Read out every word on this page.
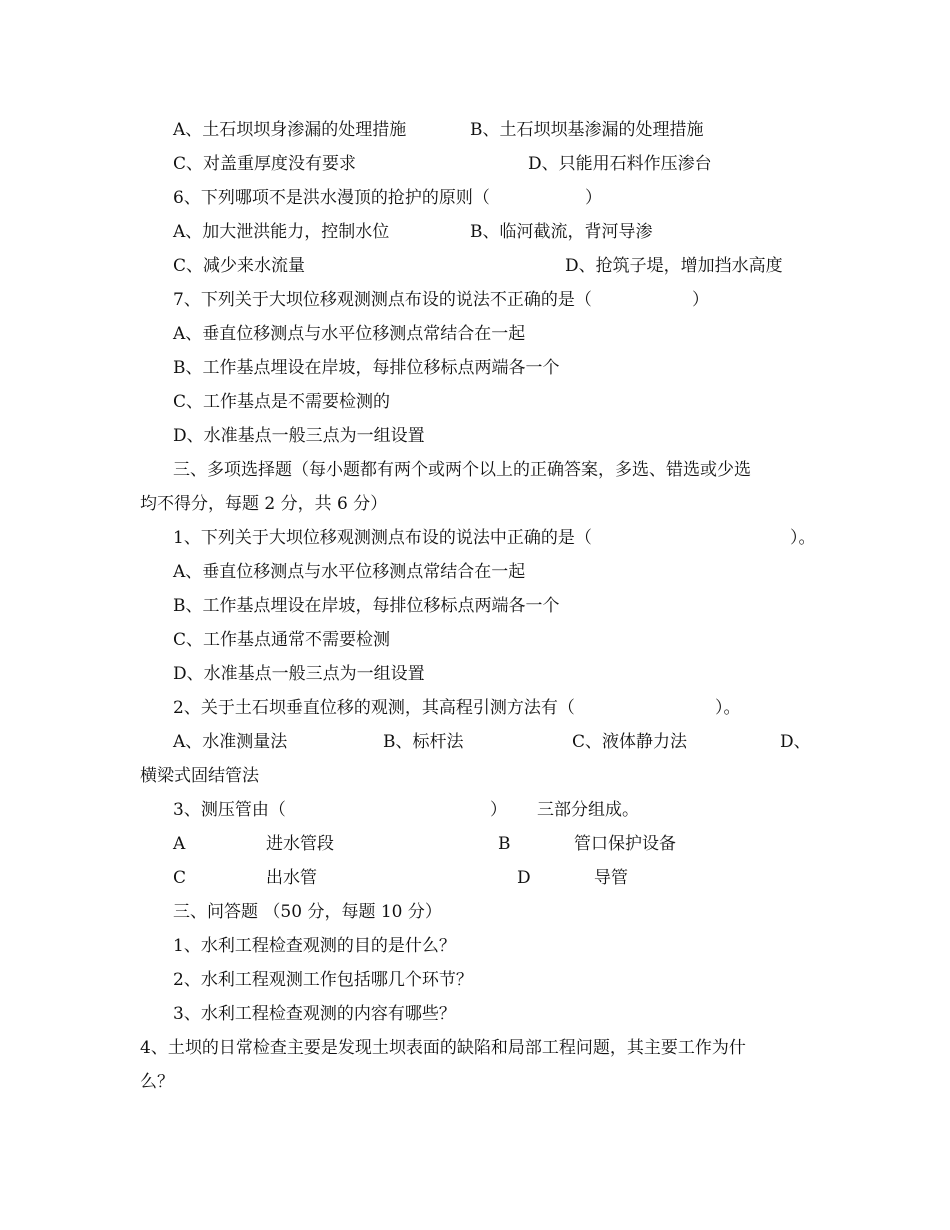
A、土石坝坝身渗漏的处理措施	B、土石坝坝基渗漏的处理措施
C、对盖重厚度没有要求	D、只能用石料作压渗台
6、下列哪项不是洪水漫顶的抢护的原则（	）
A、加大泄洪能力，控制水位	B、临河截流，背河导渗
C、减少来水流量	D、抢筑子堤，增加挡水高度
7、下列关于大坝位移观测测点布设的说法不正确的是（	）
A、垂直位移测点与水平位移测点常结合在一起
B、工作基点埋设在岸坡，每排位移标点两端各一个
C、工作基点是不需要检测的
D、水准基点一般三点为一组设置
三、多项选择题（每小题都有两个或两个以上的正确答案，多选、错选或少选
均不得分，每题 2 分，共 6 分）
1、下列关于大坝位移观测测点布设的说法中正确的是（	）。
A、垂直位移测点与水平位移测点常结合在一起
B、工作基点埋设在岸坡，每排位移标点两端各一个
C、工作基点通常不需要检测
D、水准基点一般三点为一组设置
2、关于土石坝垂直位移的观测，其高程引测方法有（	）。
A、水准测量法	B、标杆法	C、液体静力法	D、
横梁式固结管法
3、测压管由（	） 三部分组成。
A	进水管段	B	管口保护设备
C	出水管	D	导管
三、问答题 （50 分，每题 10 分）
1、水利工程检查观测的目的是什么？
2、水利工程观测工作包括哪几个环节？
3、水利工程检查观测的内容有哪些？
4、土坝的日常检查主要是发现土坝表面的缺陷和局部工程问题，其主要工作为什
么？
